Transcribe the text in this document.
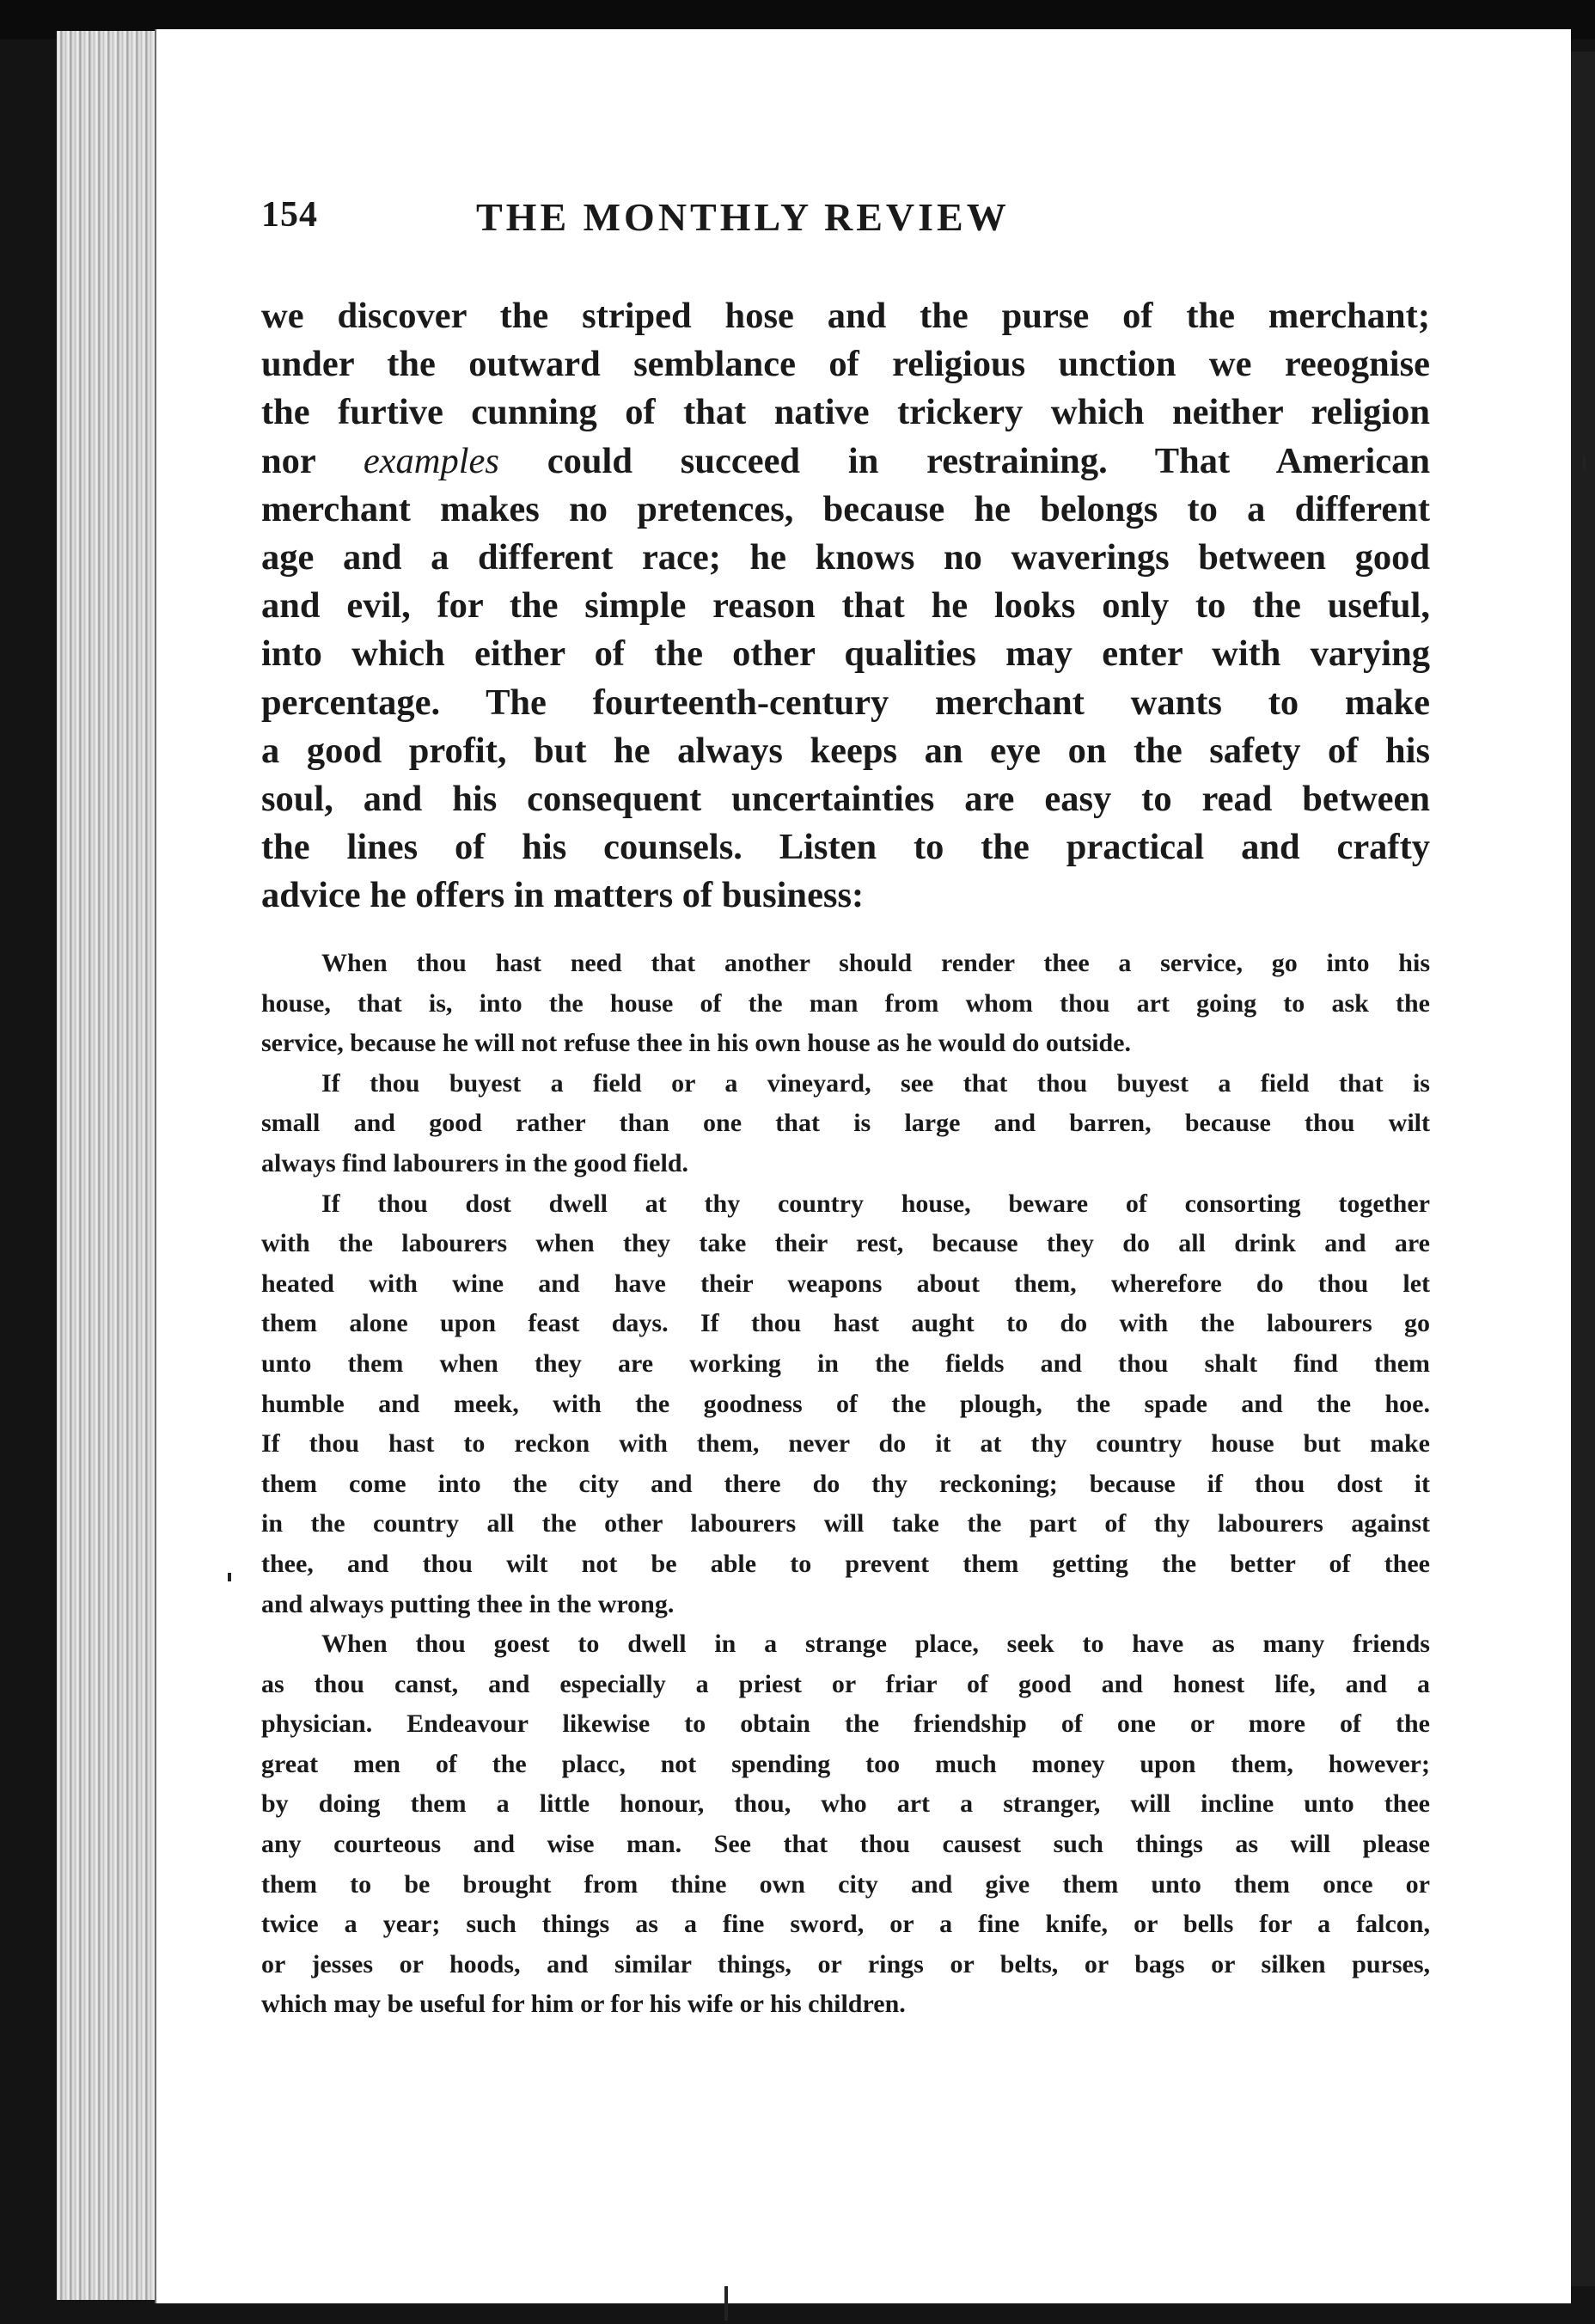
154	THE MONTHLY REVIEW
we discover the striped hose and the purse of the merchant;
under the outward semblance of religious unction we reeognise
the furtive cunning of that native trickery which neither religion
nor examples could succeed in restraining. That American
merchant makes no pretences, because he belongs to a different
age and a different race; he knows no waverings between good
and evil, for the simple reason that he looks only to the useful,
into which either of the other qualities may enter with varying
percentage. The fourteenth-century merchant wants to make
a good profit, but he always keeps an eye on the safety of his
soul, and his consequent uncertainties are easy to read between
the lines of his counsels. Listen to the practical and crafty
advice he offers in matters of business:
When thou hast need that another should render thee a service, go into his
house, that is, into the house of the man from whom thou art going to ask the
service, because he will not refuse thee in his own house as he would do outside.
If thou buyest a field or a vineyard, see that thou buyest a field that is
small and good rather than one that is large and barren, because thou wilt
always find labourers in the good field.
If thou dost dwell at thy country house, beware of consorting together
with the labourers when they take their rest, because they do all drink and are
heated with wine and have their weapons about them, wherefore do thou let
them alone upon feast days. If thou hast aught to do with the labourers go
unto them when they are working in the fields and thou shalt find them
humble and meek, with the goodness of the plough, the spade and the hoe.
If thou hast to reckon with them, never do it at thy country house but make
them come into the city and there do thy reckoning; because if thou dost it
in the country all the other labourers will take the part of thy labourers against
thee, and thou wilt not be able to prevent them getting the better of thee
and always putting thee in the wrong.
When thou goest to dwell in a strange place, seek to have as many friends
as thou canst, and especially a priest or friar of good and honest life, and a
physician. Endeavour likewise to obtain the friendship of one or more of the
great men of the placc, not spending too much money upon them, however;
by doing them a little honour, thou, who art a stranger, will incline unto thee
any courteous and wise man. See that thou causest such things as will please
them to be brought from thine own city and give them unto them once or
twice a year; such things as a fine sword, or a fine knife, or bells for a falcon,
or jesses or hoods, and similar things, or rings or belts, or bags or silken purses,
which may be useful for him or for his wife or his children.
